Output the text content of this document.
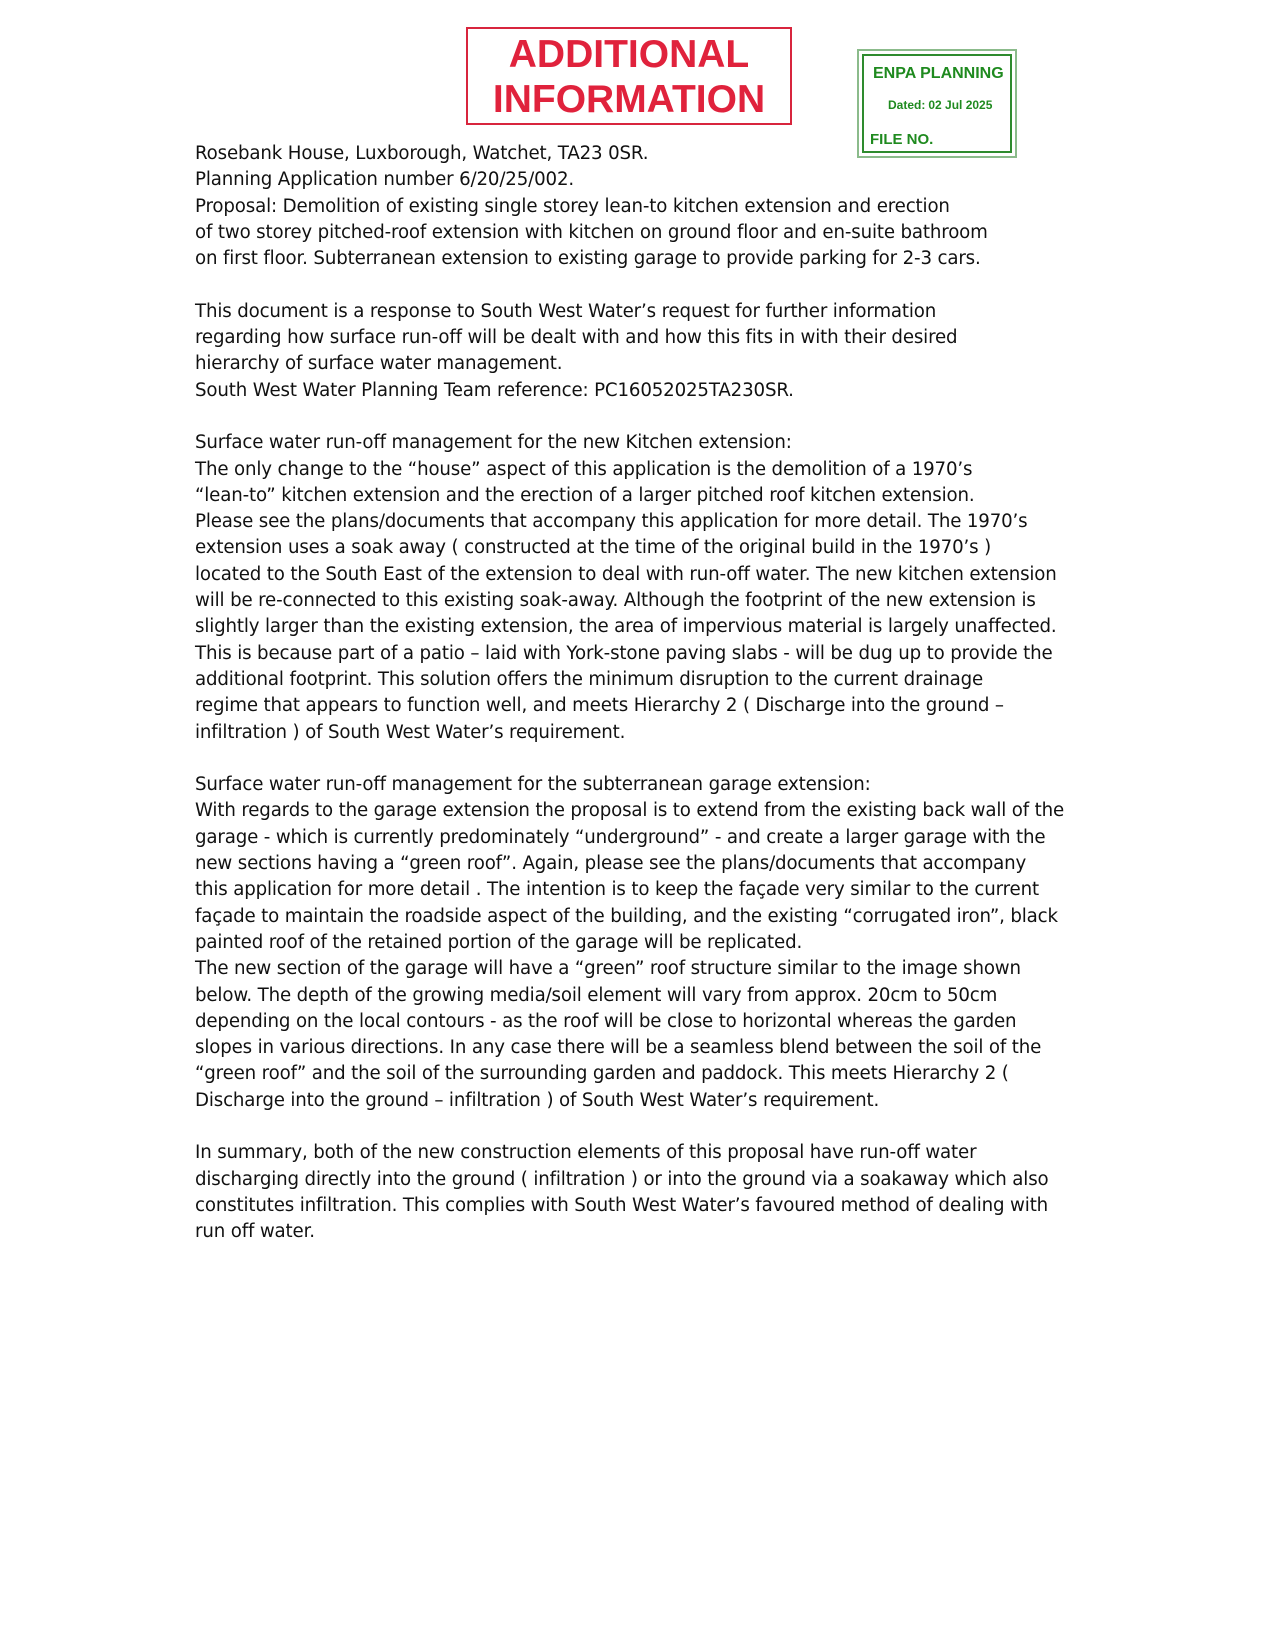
ADDITIONAL
INFORMATION
ENPA PLANNING
Dated: 02 Jul 2025
FILE NO.
Rosebank House, Luxborough, Watchet, TA23 0SR.
Planning Application number 6/20/25/002.
Proposal: Demolition of existing single storey lean-to kitchen extension and erection
of two storey pitched-roof extension with kitchen on ground floor and en-suite bathroom
on first floor. Subterranean extension to existing garage to provide parking for 2-3 cars.
This document is a response to South West Water’s request for further information
regarding how surface run-off will be dealt with and how this fits in with their desired
hierarchy of surface water management.
South West Water Planning Team reference: PC16052025TA230SR.
Surface water run-off management for the new Kitchen extension:
The only change to the “house” aspect of this application is the demolition of a 1970’s
“lean-to” kitchen extension and the erection of a larger pitched roof kitchen extension.
Please see the plans/documents that accompany this application for more detail. The 1970’s
extension uses a soak away ( constructed at the time of the original build in the 1970’s )
located to the South East of the extension to deal with run-off water. The new kitchen extension
will be re-connected to this existing soak-away. Although the footprint of the new extension is
slightly larger than the existing extension, the area of impervious material is largely unaffected.
This is because part of a patio – laid with York-stone paving slabs - will be dug up to provide the
additional footprint. This solution offers the minimum disruption to the current drainage
regime that appears to function well, and meets Hierarchy 2 ( Discharge into the ground –
infiltration ) of South West Water’s requirement.
Surface water run-off management for the subterranean garage extension:
With regards to the garage extension the proposal is to extend from the existing back wall of the
garage - which is currently predominately “underground” - and create a larger garage with the
new sections having a “green roof”. Again, please see the plans/documents that accompany
this application for more detail . The intention is to keep the façade very similar to the current
façade to maintain the roadside aspect of the building, and the existing “corrugated iron”, black
painted roof of the retained portion of the garage will be replicated.
The new section of the garage will have a “green” roof structure similar to the image shown
below. The depth of the growing media/soil element will vary from approx. 20cm to 50cm
depending on the local contours - as the roof will be close to horizontal whereas the garden
slopes in various directions. In any case there will be a seamless blend between the soil of the
“green roof” and the soil of the surrounding garden and paddock. This meets Hierarchy 2 (
Discharge into the ground – infiltration ) of South West Water’s requirement.
In summary, both of the new construction elements of this proposal have run-off water
discharging directly into the ground ( infiltration ) or into the ground via a soakaway which also
constitutes infiltration. This complies with South West Water’s favoured method of dealing with
run off water.
